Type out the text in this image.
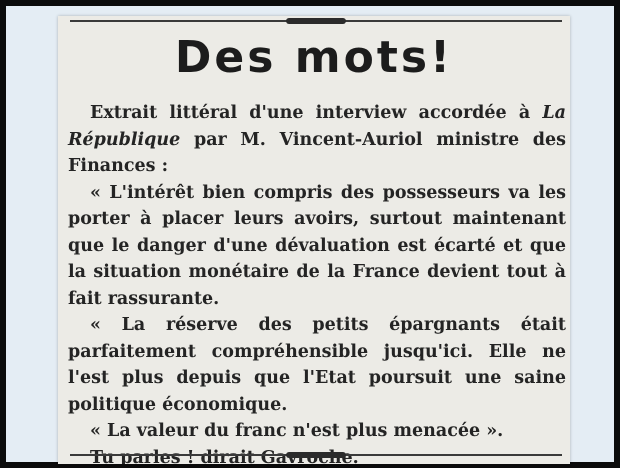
Des mots!

Extrait littéral d'une interview accordée à La République par M. Vincent-Auriol ministre des Finances :

« L'intérêt bien compris des possesseurs va les porter à placer leurs avoirs, surtout maintenant que le danger d'une dévaluation est écarté et que la situation monétaire de la France devient tout à fait rassurante.

« La réserve des petits épargnants était parfaitement compréhensible jusqu'ici. Elle ne l'est plus depuis que l'Etat poursuit une saine politique économique.

« La valeur du franc n'est plus menacée ».
